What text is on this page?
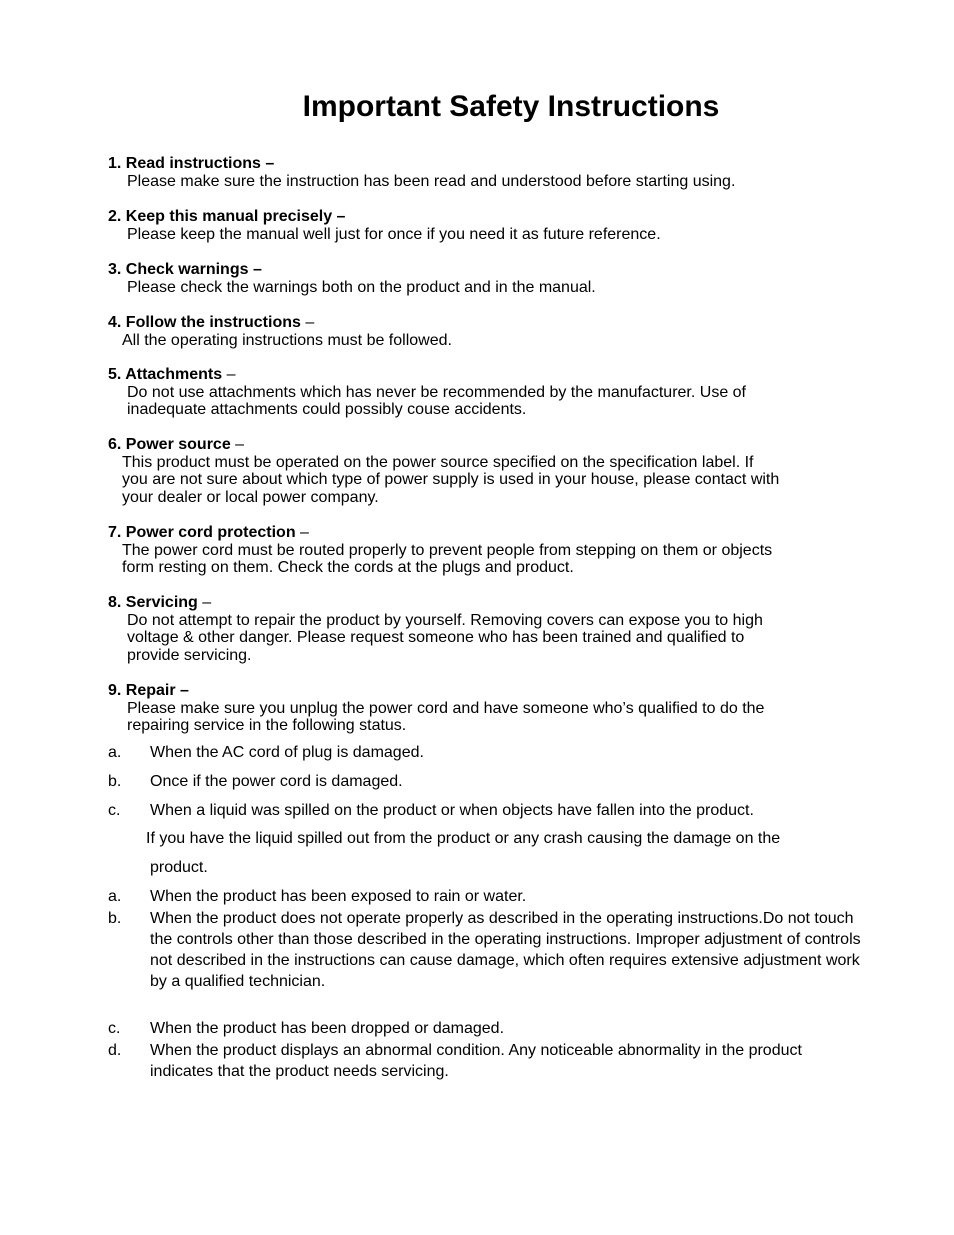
Important Safety Instructions
1. Read instructions –
Please make sure the instruction has been read and understood before starting using.
2. Keep this manual precisely –
Please keep the manual well just for once if you need it as future reference.
3. Check warnings –
Please check the warnings both on the product and in the manual.
4. Follow the instructions –
All the operating instructions must be followed.
5. Attachments –
Do not use attachments which has never be recommended by the manufacturer. Use of
inadequate attachments could possibly couse accidents.
6. Power source –
This product must be operated on the power source specified on the specification label. If
you are not sure about which type of power supply is used in your house, please contact with
your dealer or local power company.
7. Power cord protection –
The power cord must be routed properly to prevent people from stepping on them or objects
form resting on them. Check the cords at the plugs and product.
8. Servicing –
Do not attempt to repair the product by yourself. Removing covers can expose you to high
voltage & other danger. Please request someone who has been trained and qualified to
provide servicing.
9. Repair –
Please make sure you unplug the power cord and have someone who’s qualified to do the
repairing service in the following status.
a. When the AC cord of plug is damaged.
b. Once if the power cord is damaged.
c. When a liquid was spilled on the product or when objects have fallen into the product.
If you have the liquid spilled out from the product or any crash causing the damage on the
product.
a. When the product has been exposed to rain or water.
b. When the product does not operate properly as described in the operating instructions.Do not touch the controls other than those described in the operating instructions. Improper adjustment of controls not described in the instructions can cause damage, which often requires extensive adjustment work by a qualified technician.
c. When the product has been dropped or damaged.
d. When the product displays an abnormal condition. Any noticeable abnormality in the product indicates that the product needs servicing.
